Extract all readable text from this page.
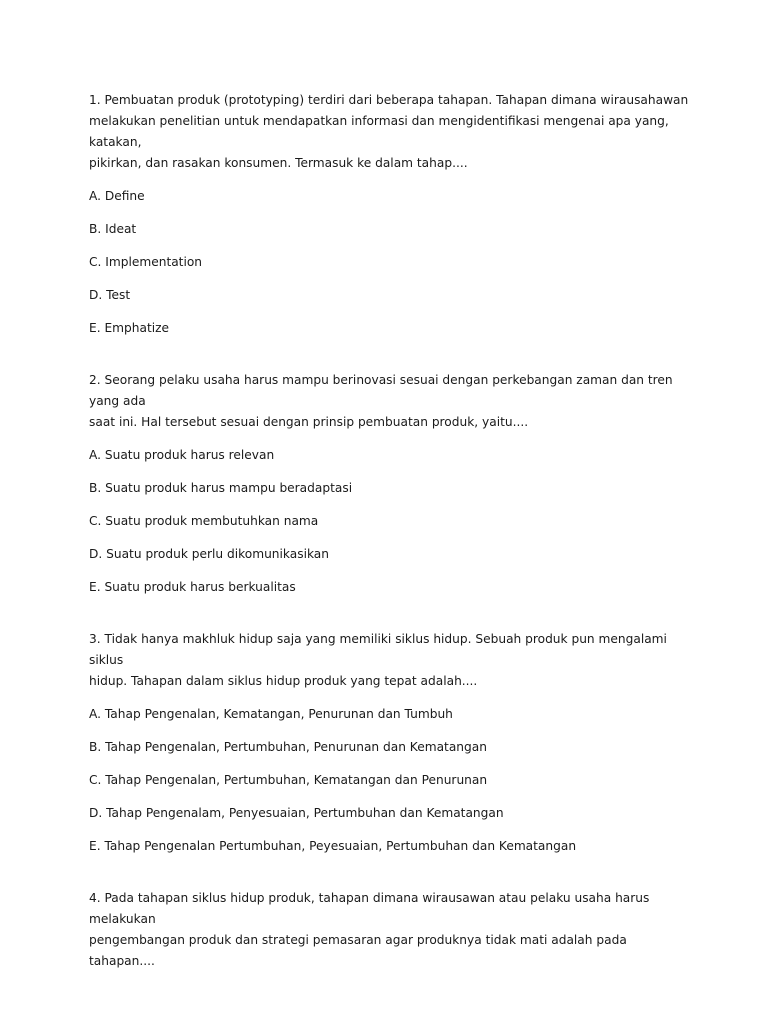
1. Pembuatan produk (prototyping) terdiri dari beberapa tahapan. Tahapan dimana wirausahawan
melakukan penelitian untuk mendapatkan informasi dan mengidentifikasi mengenai apa yang, katakan,
pikirkan, dan rasakan konsumen. Termasuk ke dalam tahap....

A. Define
B. Ideat
C. Implementation
D. Test
E. Emphatize

2. Seorang pelaku usaha harus mampu berinovasi sesuai dengan perkebangan zaman dan tren yang ada
saat ini. Hal tersebut sesuai dengan prinsip pembuatan produk, yaitu....

A. Suatu produk harus relevan
B. Suatu produk harus mampu beradaptasi
C. Suatu produk membutuhkan nama
D. Suatu produk perlu dikomunikasikan
E. Suatu produk harus berkualitas

3. Tidak hanya makhluk hidup saja yang memiliki siklus hidup. Sebuah produk pun mengalami siklus
hidup. Tahapan dalam siklus hidup produk yang tepat adalah....

A. Tahap Pengenalan, Kematangan, Penurunan dan Tumbuh
B. Tahap Pengenalan, Pertumbuhan, Penurunan dan Kematangan
C. Tahap Pengenalan, Pertumbuhan, Kematangan dan Penurunan
D. Tahap Pengenalam, Penyesuaian, Pertumbuhan dan Kematangan
E. Tahap Pengenalan Pertumbuhan, Peyesuaian, Pertumbuhan dan Kematangan

4. Pada tahapan siklus hidup produk, tahapan dimana wirausawan atau pelaku usaha harus melakukan
pengembangan produk dan strategi pemasaran agar produknya tidak mati adalah pada tahapan....
